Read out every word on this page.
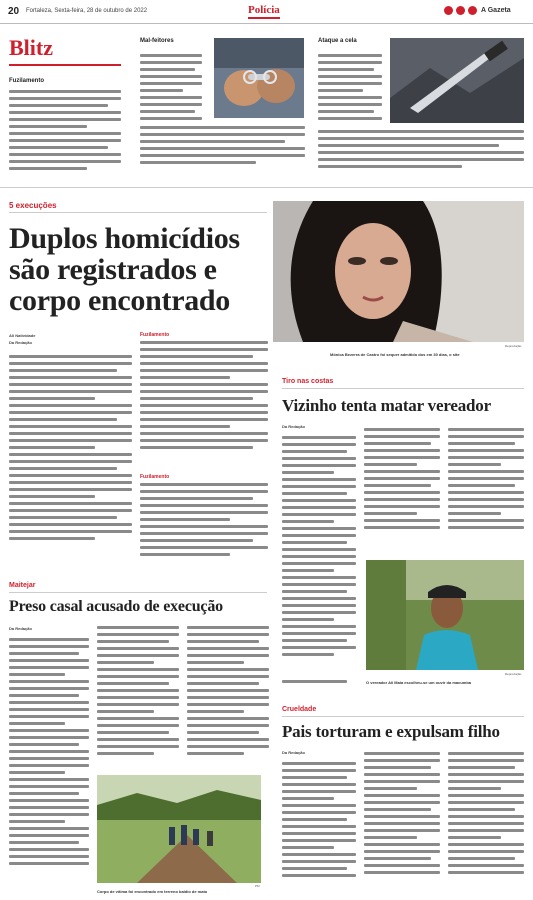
20 Fortaleza, Sexta-feira, 28 de outubro de 2022	Polícia	A Gazeta
Blitz
Fuzilamento
Mal-feitores	Ataque a cela
5 execuções
Duplos homicídios
são registrados e
corpo encontrado
Reprodução
Mônica Bezerra de Castro foi sequer admitido dos em 30 dias, o site
Ali Natividade
Da Redação
Fuzilamento
Fuzilamento
Tiro nas costas
Vizinho tenta matar vereador
Da Redação
Reprodução
O vereador Ali Maia escolheu-se um ouvir da macumba
Maitejar
Preso casal acusado de execução
Da Redação
PM
Corpo de vítima foi encontrado em terreno baldio de mato
Crueldade
Pais torturam e expulsam filho
Da Redação
